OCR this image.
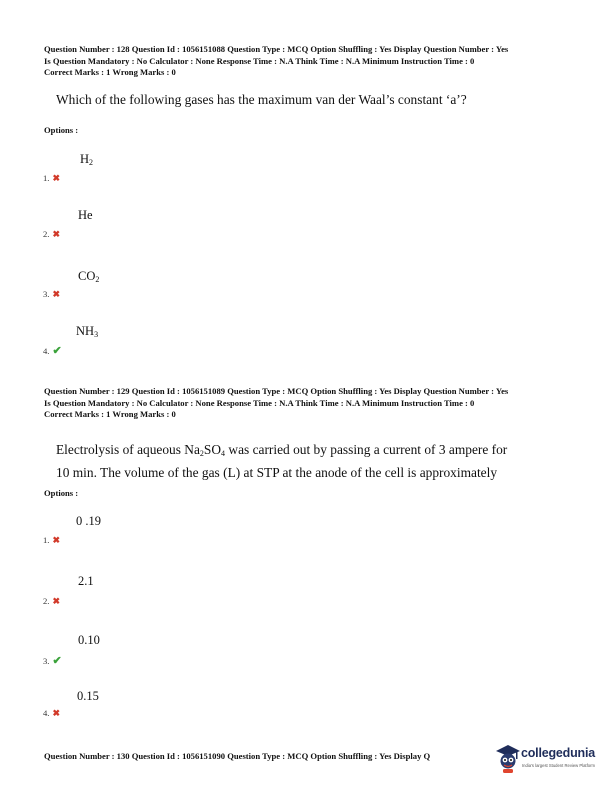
Question Number : 128 Question Id : 1056151088 Question Type : MCQ Option Shuffling : Yes Display Question Number : Yes
Is Question Mandatory : No Calculator : None Response Time : N.A Think Time : N.A Minimum Instruction Time : 0
Correct Marks : 1 Wrong Marks : 0
Which of the following gases has the maximum van der Waal’s constant ‘a’?
Options :
$H_2$
1. ✖
He
2. ✖
$CO_2$
3. ✖
$NH_3$
4. ✔
Question Number : 129 Question Id : 1056151089 Question Type : MCQ Option Shuffling : Yes Display Question Number : Yes
Is Question Mandatory : No Calculator : None Response Time : N.A Think Time : N.A Minimum Instruction Time : 0
Correct Marks : 1 Wrong Marks : 0
Electrolysis of aqueous $Na_2SO_4$ was carried out by passing a current of 3 ampere for
10 min. The volume of the gas (L) at STP at the anode of the cell is approximately
Options :
0 .19
1. ✖
2.1
2. ✖
0.10
3. ✔
0.15
4. ✖
Question Number : 130 Question Id : 1056151090 Question Type : MCQ Option Shuffling : Yes Display Q	collegedunia
India's largest Student Review Platform
